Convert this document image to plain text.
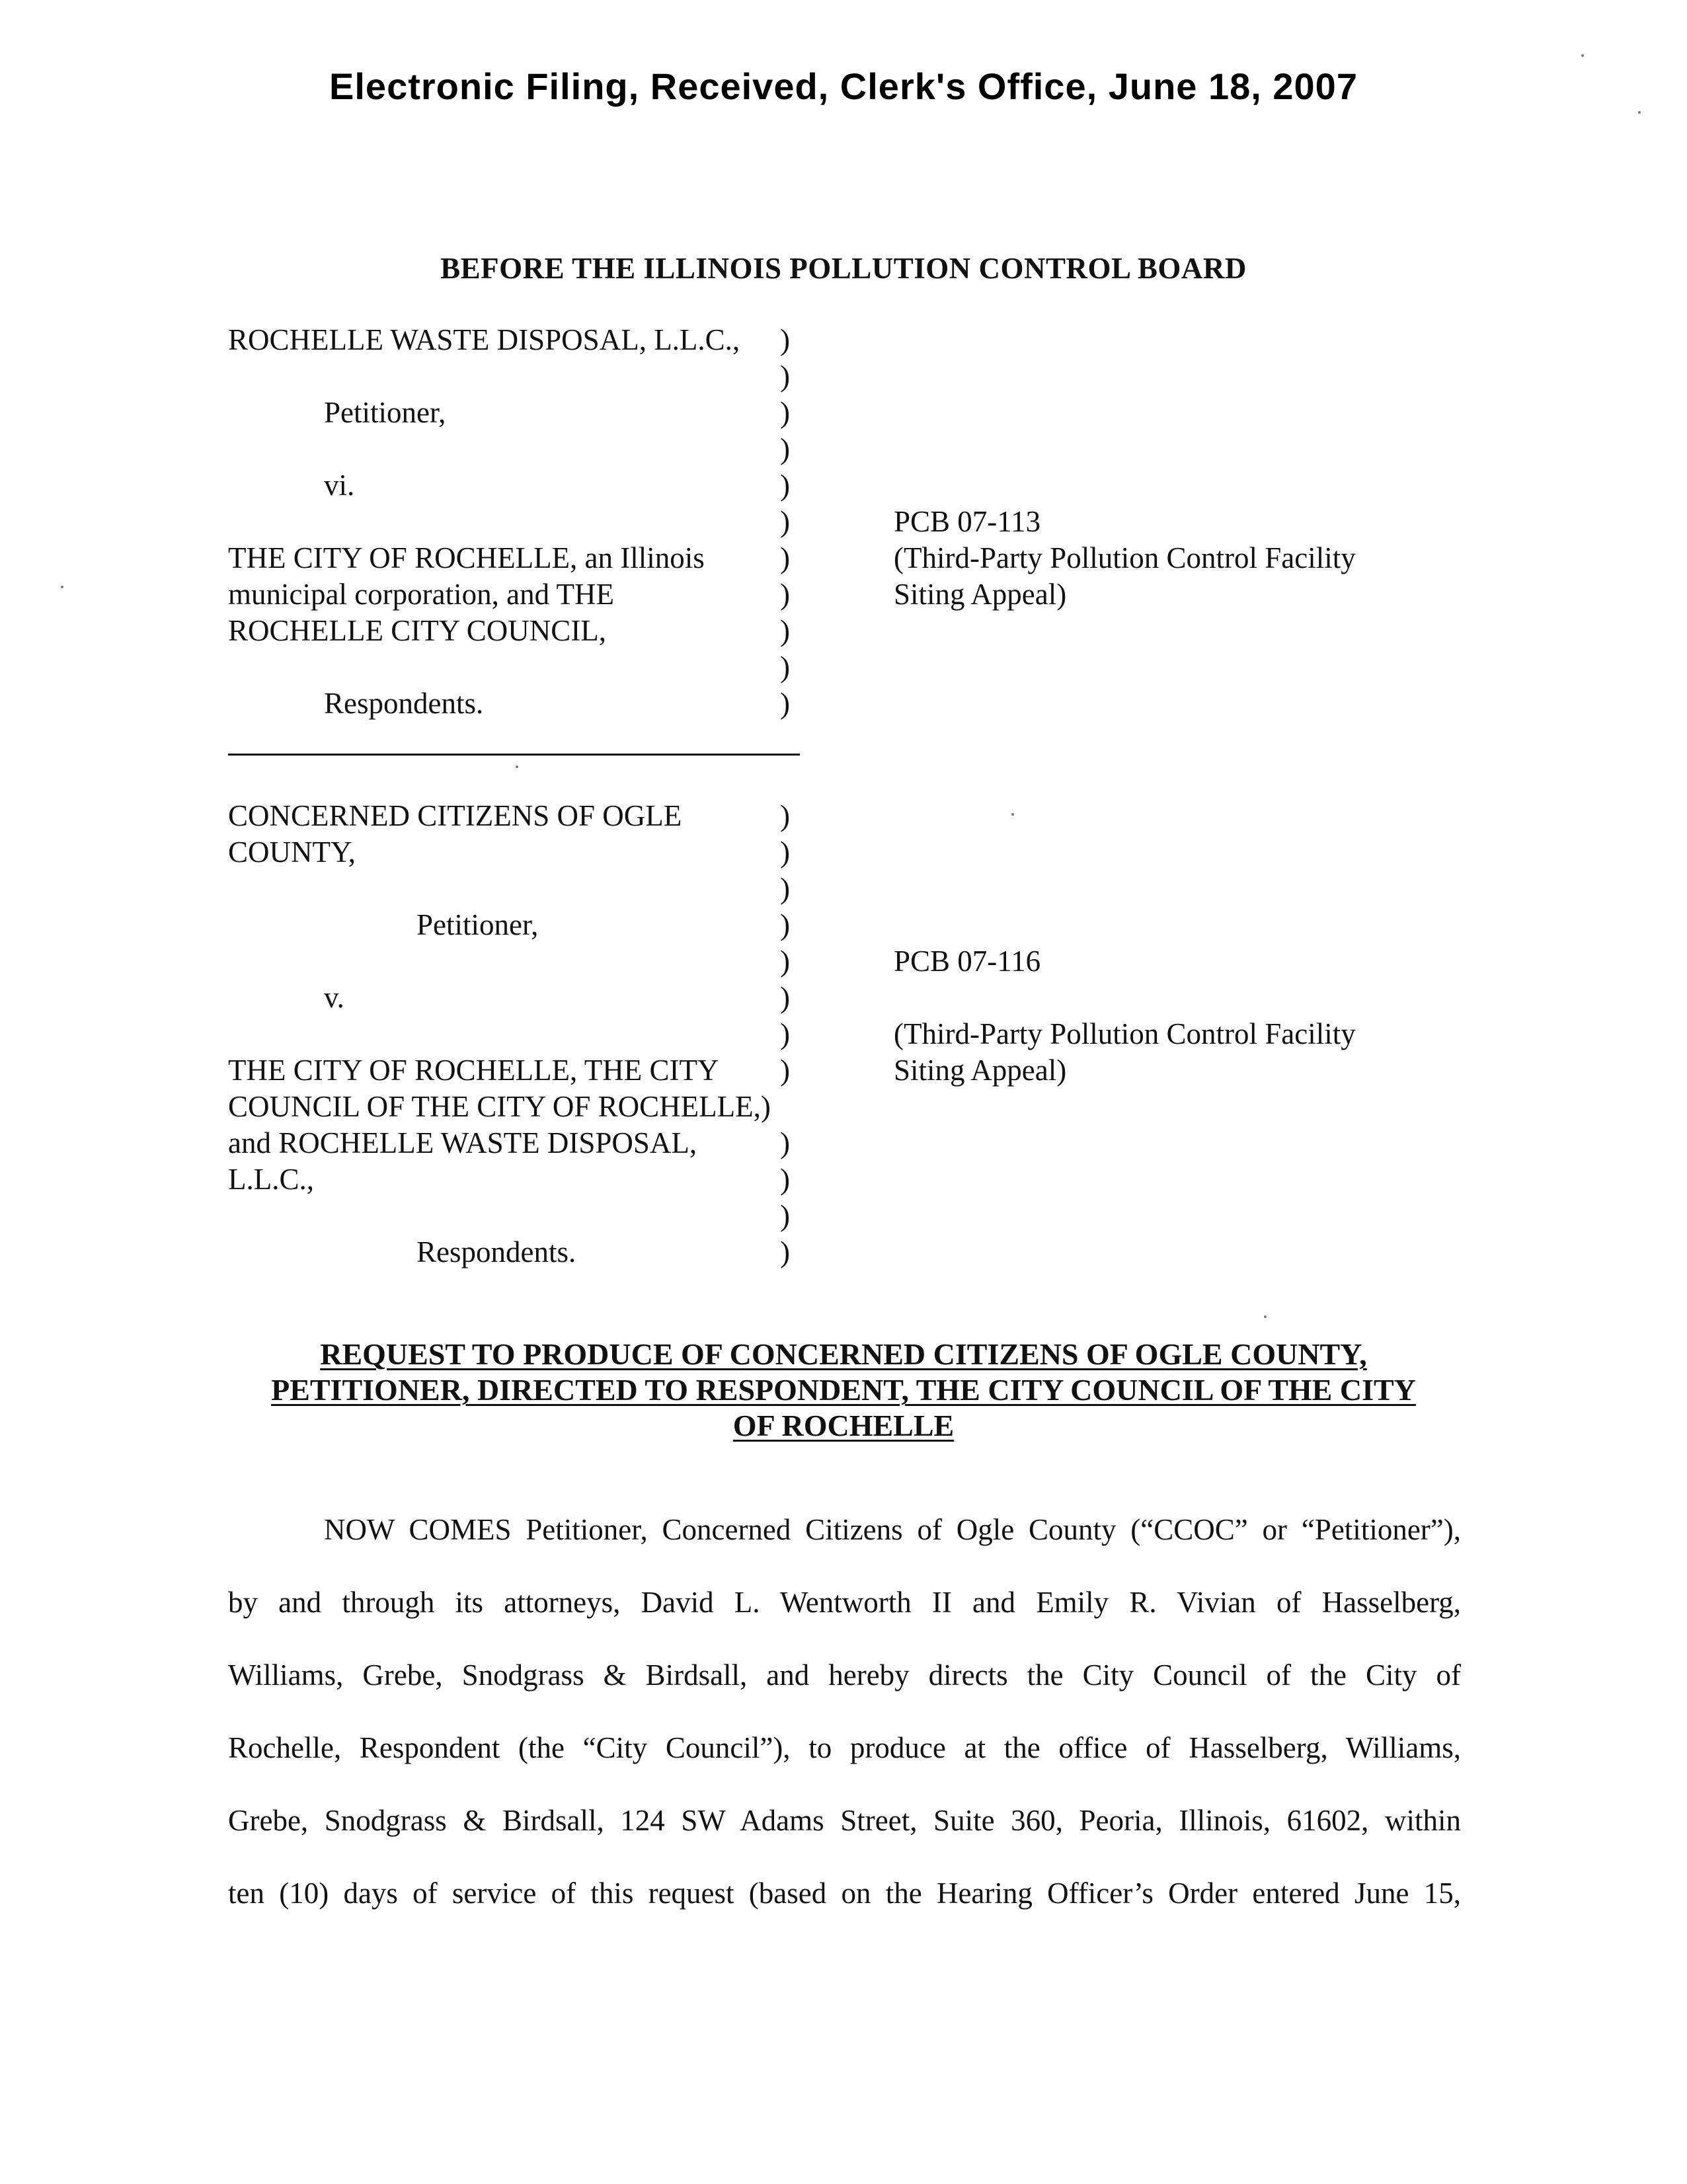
Electronic Filing, Received, Clerk's Office, June 18, 2007
BEFORE THE ILLINOIS POLLUTION CONTROL BOARD
ROCHELLE WASTE DISPOSAL, L.L.C.,
Petitioner,
vi.
THE CITY OF ROCHELLE, an Illinois
municipal corporation, and THE
ROCHELLE CITY COUNCIL,
Respondents.
)
)
)
)
)
)
)
)
)
)
)
PCB 07-113
(Third-Party Pollution Control Facility
Siting Appeal)
CONCERNED CITIZENS OF OGLE
COUNTY,
Petitioner,
v.
THE CITY OF ROCHELLE, THE CITY
COUNCIL OF THE CITY OF ROCHELLE,)
and ROCHELLE WASTE DISPOSAL,
L.L.C.,
Respondents.
)
)
)
)
)
)
)
)
)
)
)
)
PCB 07-116
(Third-Party Pollution Control Facility
Siting Appeal)
REQUEST TO PRODUCE OF CONCERNED CITIZENS OF OGLE COUNTY,
PETITIONER, DIRECTED TO RESPONDENT, THE CITY COUNCIL OF THE CITY
OF ROCHELLE
NOW COMES Petitioner, Concerned Citizens of Ogle County (“CCOC” or “Petitioner”),
by and through its attorneys, David L. Wentworth II and Emily R. Vivian of Hasselberg,
Williams, Grebe, Snodgrass & Birdsall, and hereby directs the City Council of the City of
Rochelle, Respondent (the “City Council”), to produce at the office of Hasselberg, Williams,
Grebe, Snodgrass & Birdsall, 124 SW Adams Street, Suite 360, Peoria, Illinois, 61602, within
ten (10) days of service of this request (based on the Hearing Officer’s Order entered June 15,
